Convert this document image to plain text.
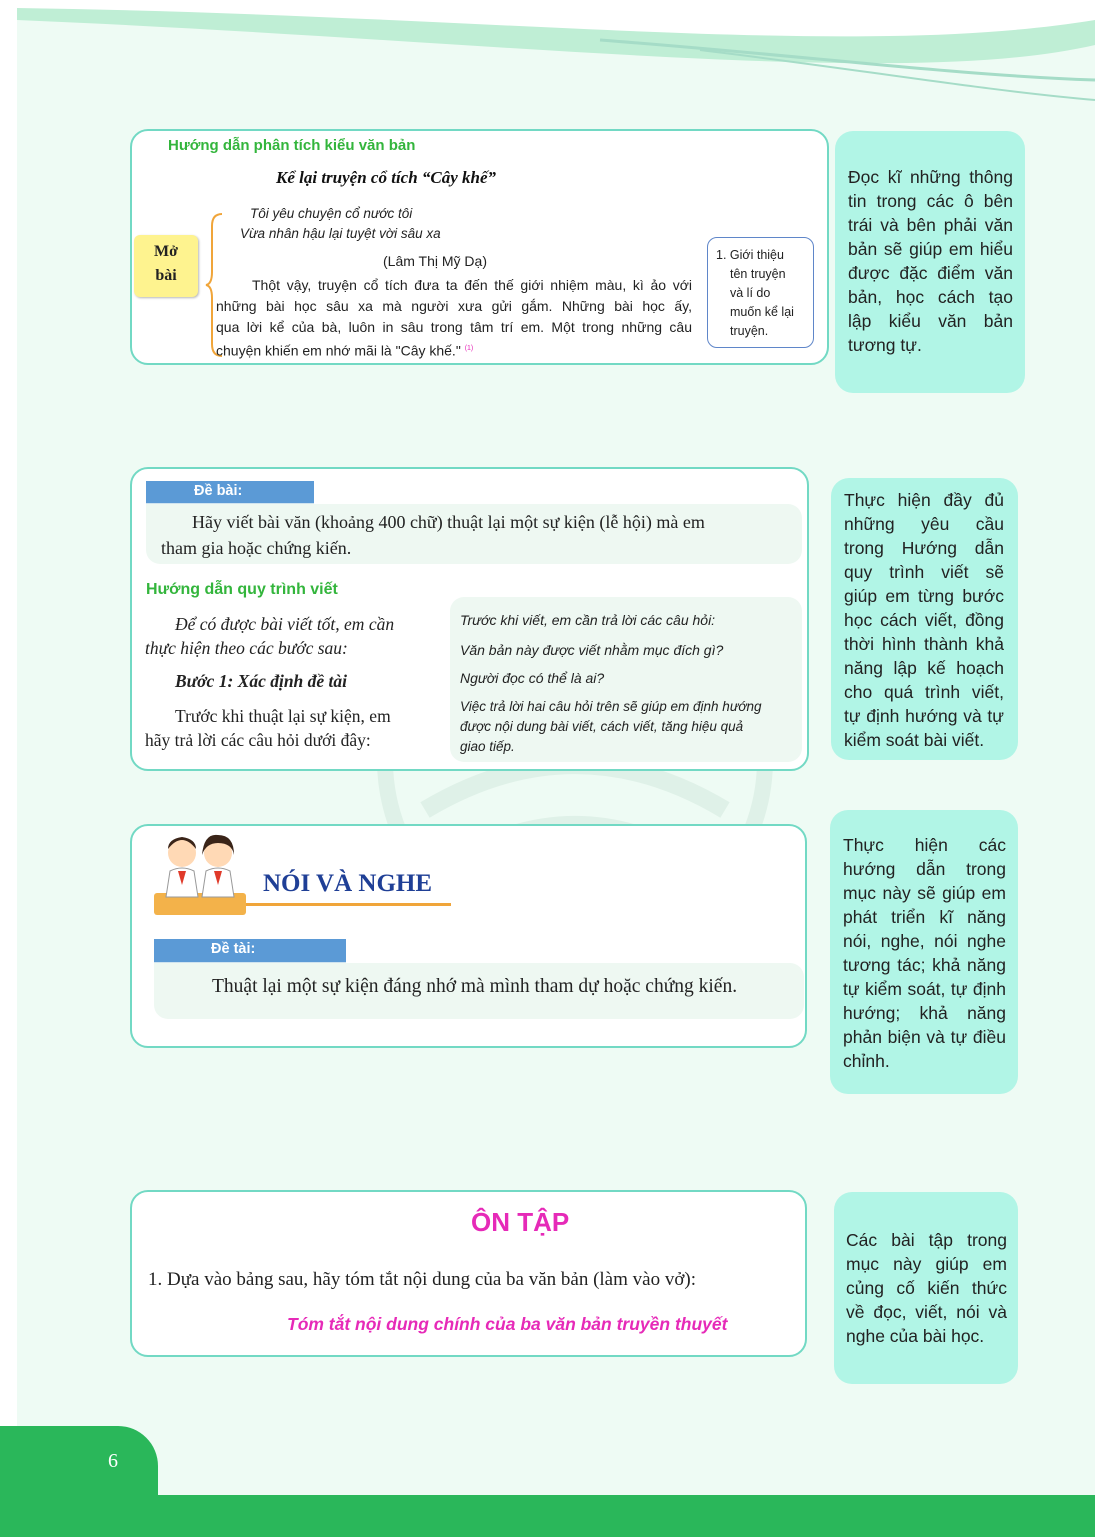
Hướng dẫn phân tích kiểu văn bản
Kể lại truyện cổ tích “Cây khế”
Tôi yêu chuyện cổ nước tôi
Vừa nhân hậu lại tuyệt vời sâu xa
(Lâm Thị Mỹ Dạ)
Thột vậy, truyện cổ tích đưa ta đến thế giới nhiệm màu, kì ảo với
những bài học sâu xa mà người xưa gửi gắm. Những bài học ấy,
qua lời kể của bà, luôn in sâu trong tâm trí em. Một trong những câu
chuyện khiến em nhớ mãi là "Cây khế." $^{(1)}$
Mở
bài
1. Giới thiệu
tên truyện
và lí do
muốn kể lại
truyện.
Đọc kĩ những thông tin trong các ô bên trái và bên phải văn bản sẽ giúp em hiểu được đặc điểm văn bản, học cách tạo lập kiểu văn bản tương tự.
Đề bài:
Hãy viết bài văn (khoảng 400 chữ) thuật lại một sự kiện (lễ hội) mà em
tham gia hoặc chứng kiến.
Hướng dẫn quy trình viết
Để có được bài viết tốt, em cần
thực hiện theo các bước sau:
Bước 1: Xác định đề tài
Trước khi thuật lại sự kiện, em
hãy trả lời các câu hỏi dưới đây:
Trước khi viết, em cần trả lời các câu hỏi:
Văn bản này được viết nhằm mục đích gì?
Người đọc có thể là ai?
Việc trả lời hai câu hỏi trên sẽ giúp em định hướng
được nội dung bài viết, cách viết, tăng hiệu quả
giao tiếp.
Thực hiện đầy đủ những yêu cầu trong Hướng dẫn quy trình viết sẽ giúp em từng bước học cách viết, đồng thời hình thành khả năng lập kế hoạch cho quá trình viết, tự định hướng và tự kiểm soát bài viết.
NÓI VÀ NGHE
Đề tài:
Thuật lại một sự kiện đáng nhớ mà mình tham dự hoặc chứng kiến.
Thực hiện các hướng dẫn trong mục này sẽ giúp em phát triển kĩ năng nói, nghe, nói nghe tương tác; khả năng tự kiểm soát, tự định hướng; khả năng phản biện và tự điều chỉnh.
ÔN TẬP
1. Dựa vào bảng sau, hãy tóm tắt nội dung của ba văn bản (làm vào vở):
Tóm tắt nội dung chính của ba văn bản truyền thuyết
Các bài tập trong mục này giúp em củng cố kiến thức về đọc, viết, nói và nghe của bài học.
6
